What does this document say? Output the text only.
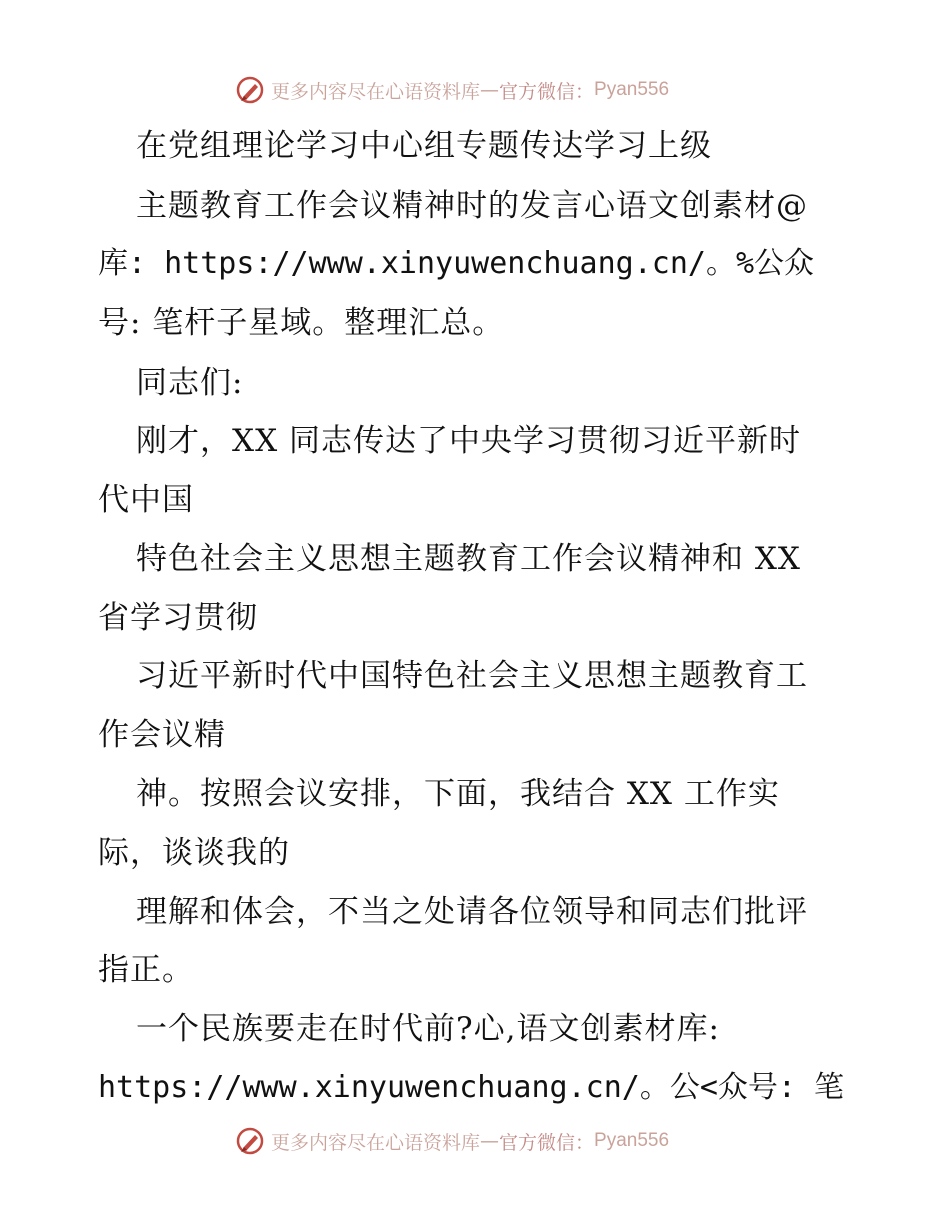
更多内容尽在心语资料库 — 官方微信： Pyan556
在党组理论学习中心组专题传达学习上级
主题教育工作会议精神时的发言心语文创素材@
库: https://www.xinyuwenchuang.cn/。%公众
号: 笔杆子星域。整理汇总。
同志们:
刚才，XX 同志传达了中央学习贯彻习近平新时
代中国
特色社会主义思想主题教育工作会议精神和 XX
省学习贯彻
习近平新时代中国特色社会主义思想主题教育工
作会议精
神。按照会议安排，下面，我结合 XX 工作实
际，谈谈我的
理解和体会，不当之处请各位领导和同志们批评
指正。
一个民族要走在时代前?心,语文创素材库:
https://www.xinyuwenchuang.cn/。公<众号: 笔
更多内容尽在心语资料库 — 官方微信： Pyan556
